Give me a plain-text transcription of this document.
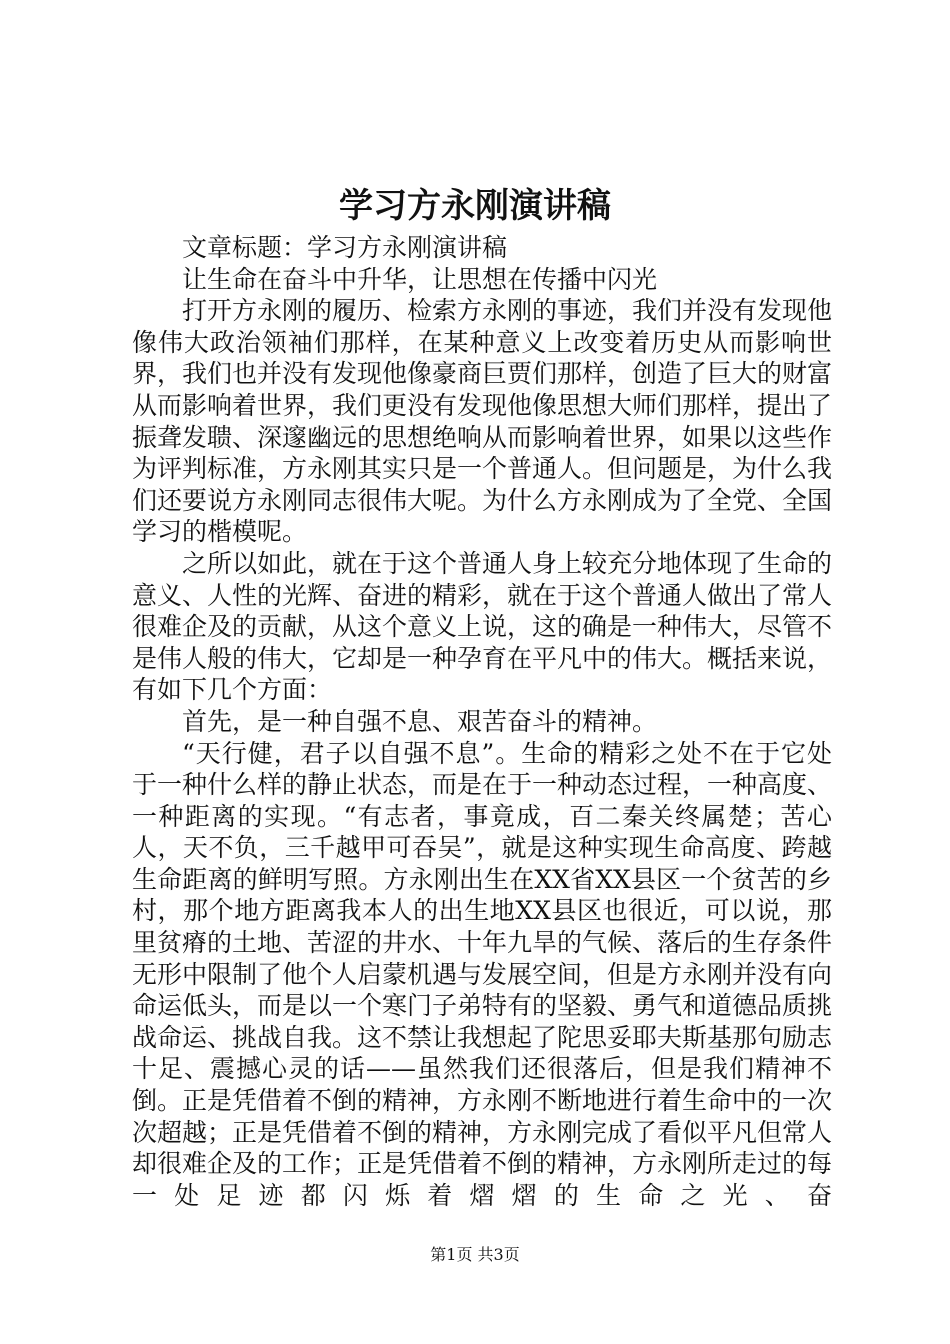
学习方永刚演讲稿

文章标题：学习方永刚演讲稿

让生命在奋斗中升华，让思想在传播中闪光

打开方永刚的履历、检索方永刚的事迹，我们并没有发现他像伟大政治领袖们那样，在某种意义上改变着历史从而影响世界，我们也并没有发现他像豪商巨贾们那样，创造了巨大的财富从而影响着世界，我们更没有发现他像思想大师们那样，提出了振聋发聩、深邃幽远的思想绝响从而影响着世界，如果以这些作为评判标准，方永刚其实只是一个普通人。但问题是，为什么我们还要说方永刚同志很伟大呢。为什么方永刚成为了全党、全国学习的楷模呢。

之所以如此，就在于这个普通人身上较充分地体现了生命的意义、人性的光辉、奋进的精彩，就在于这个普通人做出了常人很难企及的贡献，从这个意义上说，这的确是一种伟大，尽管不是伟人般的伟大，它却是一种孕育在平凡中的伟大。概括来说，有如下几个方面：

首先，是一种自强不息、艰苦奋斗的精神。

“天行健，君子以自强不息”。生命的精彩之处不在于它处于一种什么样的静止状态，而是在于一种动态过程，一种高度、一种距离的实现。“有志者，事竟成，百二秦关终属楚；苦心人，天不负，三千越甲可吞吴”，就是这种实现生命高度、跨越生命距离的鲜明写照。方永刚出生在XX省XX县区一个贫苦的乡村，那个地方距离我本人的出生地XX县区也很近，可以说，那里贫瘠的土地、苦涩的井水、十年九旱的气候、落后的生存条件无形中限制了他个人启蒙机遇与发展空间，但是方永刚并没有向命运低头，而是以一个寒门子弟特有的坚毅、勇气和道德品质挑战命运、挑战自我。这不禁让我想起了陀思妥耶夫斯基那句励志十足、震撼心灵的话——虽然我们还很落后，但是我们精神不倒。正是凭借着不倒的精神，方永刚不断地进行着生命中的一次次超越；正是凭借着不倒的精神，方永刚完成了看似平凡但常人却很难企及的工作；正是凭借着不倒的精神，方永刚所走过的每一处足迹都闪烁着熠熠的生命之光、奋

第1页 共3页
